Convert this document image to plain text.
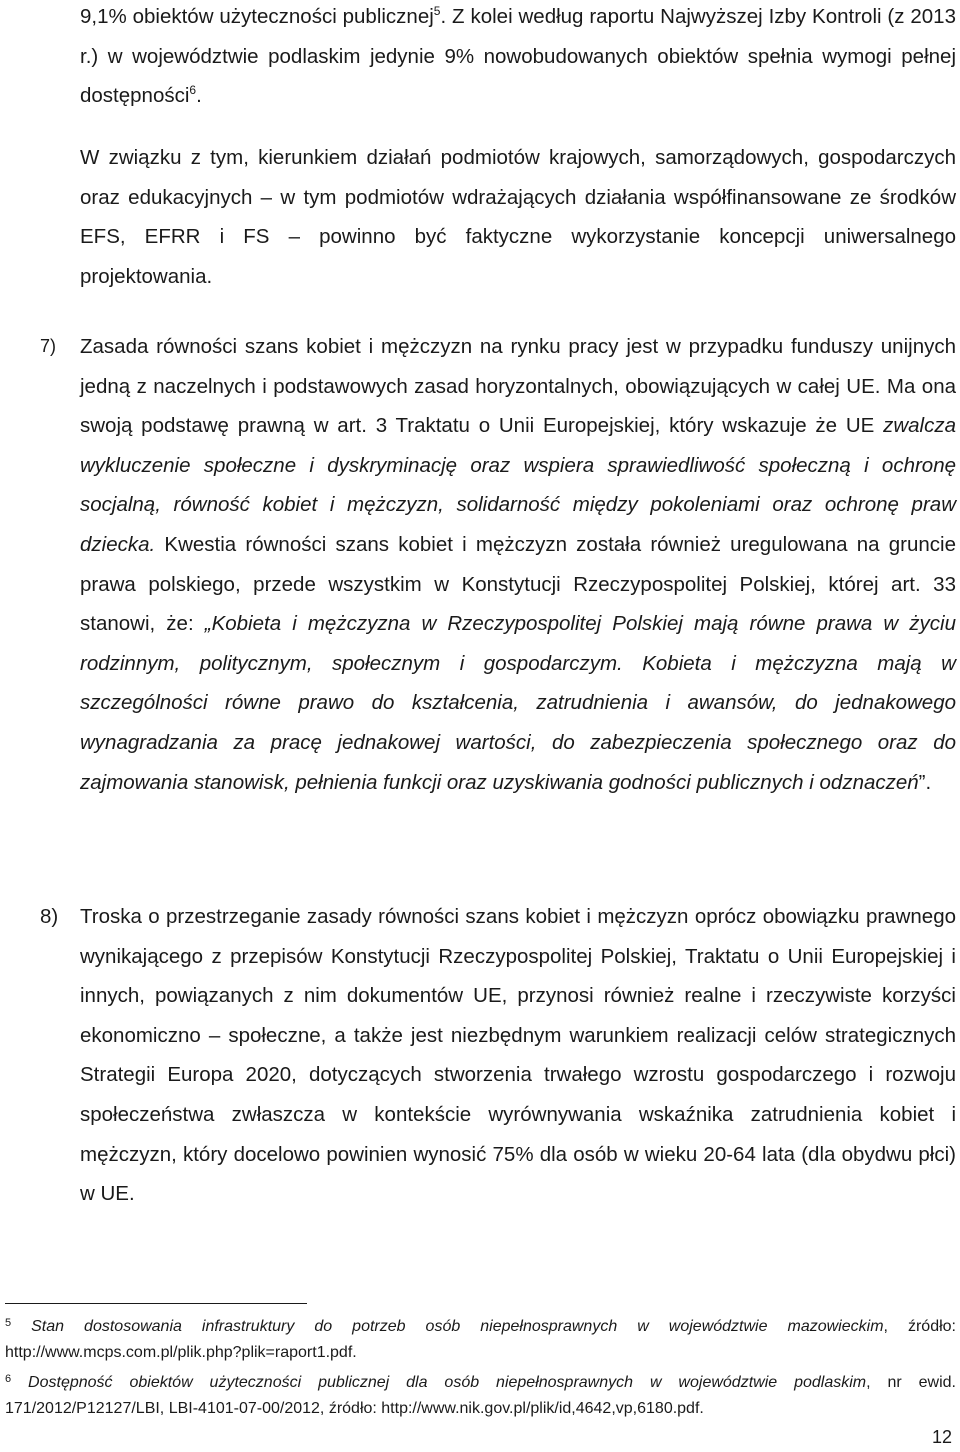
9,1% obiektów użyteczności publicznej$^5$. Z kolei według raportu Najwyższej Izby Kontroli (z 2013 r.) w województwie podlaskim jedynie 9% nowobudowanych obiektów spełnia wymogi pełnej dostępności$^6$.

W związku z tym, kierunkiem działań podmiotów krajowych, samorządowych, gospodarczych oraz edukacyjnych – w tym podmiotów wdrażających działania współfinansowane ze środków EFS, EFRR i FS – powinno być faktyczne wykorzystanie koncepcji uniwersalnego projektowania.

7) Zasada równości szans kobiet i mężczyzn na rynku pracy jest w przypadku funduszy unijnych jedną z naczelnych i podstawowych zasad horyzontalnych, obowiązujących w całej UE. Ma ona swoją podstawę prawną w art. 3 Traktatu o Unii Europejskiej, który wskazuje że UE zwalcza wykluczenie społeczne i dyskryminację oraz wspiera sprawiedliwość społeczną i ochronę socjalną, równość kobiet i mężczyzn, solidarność między pokoleniami oraz ochronę praw dziecka. Kwestia równości szans kobiet i mężczyzn została również uregulowana na gruncie prawa polskiego, przede wszystkim w Konstytucji Rzeczypospolitej Polskiej, której art. 33 stanowi, że: „Kobieta i mężczyzna w Rzeczypospolitej Polskiej mają równe prawa w życiu rodzinnym, politycznym, społecznym i gospodarczym. Kobieta i mężczyzna mają w szczególności równe prawo do kształcenia, zatrudnienia i awansów, do jednakowego wynagradzania za pracę jednakowej wartości, do zabezpieczenia społecznego oraz do zajmowania stanowisk, pełnienia funkcji oraz uzyskiwania godności publicznych i odznaczeń”.

8) Troska o przestrzeganie zasady równości szans kobiet i mężczyzn oprócz obowiązku prawnego wynikającego z przepisów Konstytucji Rzeczypospolitej Polskiej, Traktatu o Unii Europejskiej i innych, powiązanych z nim dokumentów UE, przynosi również realne i rzeczywiste korzyści ekonomiczno – społeczne, a także jest niezbędnym warunkiem realizacji celów strategicznych Strategii Europa 2020, dotyczących stworzenia trwałego wzrostu gospodarczego i rozwoju społeczeństwa zwłaszcza w kontekście wyrównywania wskaźnika zatrudnienia kobiet i mężczyzn, który docelowo powinien wynosić 75% dla osób w wieku 20-64 lata (dla obydwu płci) w UE.

$^5$ Stan dostosowania infrastruktury do potrzeb osób niepełnosprawnych w województwie mazowieckim, źródło: http://www.mcps.com.pl/plik.php?plik=raport1.pdf.
$^6$ Dostępność obiektów użyteczności publicznej dla osób niepełnosprawnych w województwie podlaskim, nr ewid. 171/2012/P12127/LBI, LBI-4101-07-00/2012, źródło: http://www.nik.gov.pl/plik/id,4642,vp,6180.pdf.
12
